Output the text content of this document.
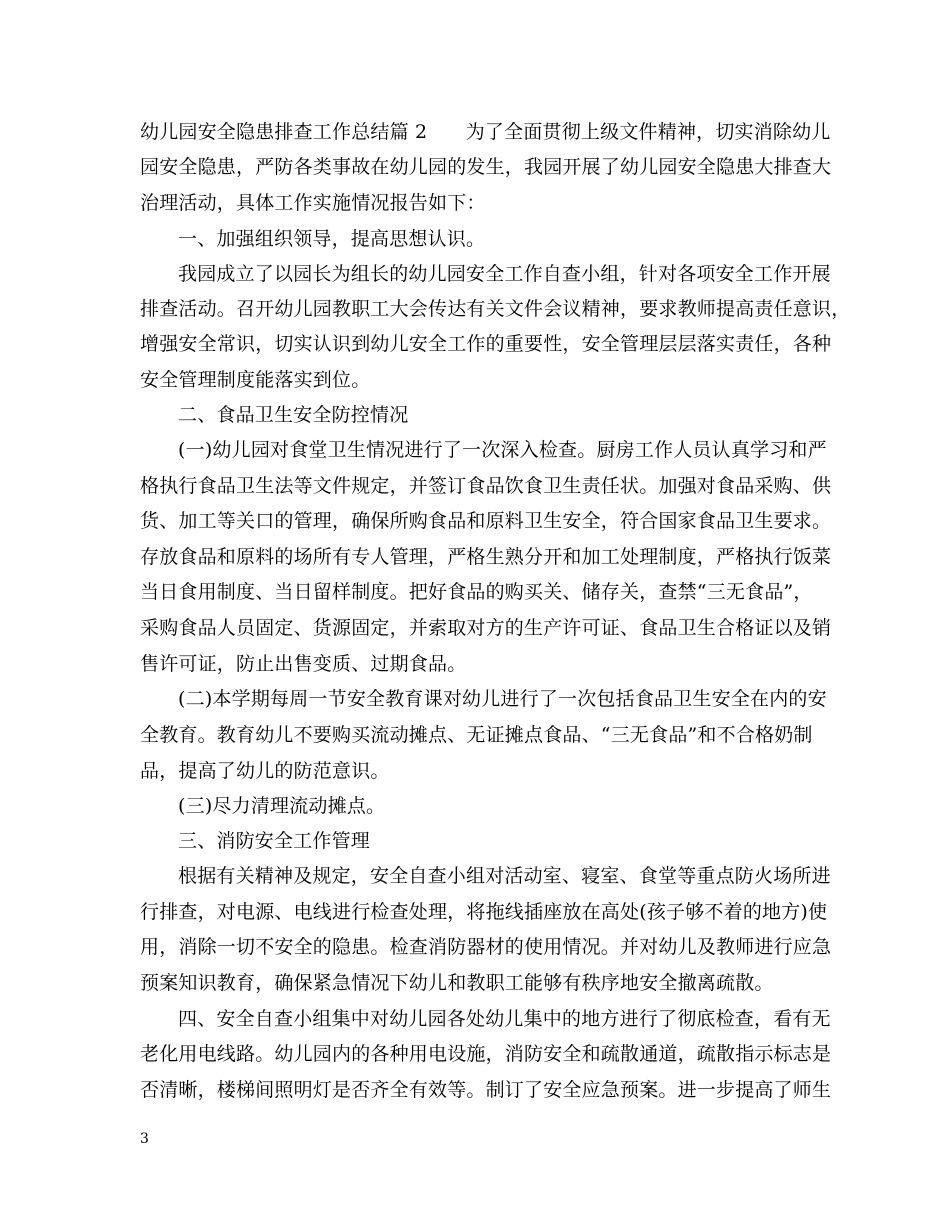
幼儿园安全隐患排查工作总结篇 2　　为了全面贯彻上级文件精神，切实消除幼儿
园安全隐患，严防各类事故在幼儿园的发生，我园开展了幼儿园安全隐患大排查大
治理活动，具体工作实施情况报告如下：
一、加强组织领导，提高思想认识。
我园成立了以园长为组长的幼儿园安全工作自查小组，针对各项安全工作开展
排查活动。召开幼儿园教职工大会传达有关文件会议精神，要求教师提高责任意识，
增强安全常识，切实认识到幼儿安全工作的重要性，安全管理层层落实责任，各种
安全管理制度能落实到位。
二、食品卫生安全防控情况
(一)幼儿园对食堂卫生情况进行了一次深入检查。厨房工作人员认真学习和严
格执行食品卫生法等文件规定，并签订食品饮食卫生责任状。加强对食品采购、供
货、加工等关口的管理，确保所购食品和原料卫生安全，符合国家食品卫生要求。
存放食品和原料的场所有专人管理，严格生熟分开和加工处理制度，严格执行饭菜
当日食用制度、当日留样制度。把好食品的购买关、储存关，查禁“三无食品”，
采购食品人员固定、货源固定，并索取对方的生产许可证、食品卫生合格证以及销
售许可证，防止出售变质、过期食品。
(二)本学期每周一节安全教育课对幼儿进行了一次包括食品卫生安全在内的安
全教育。教育幼儿不要购买流动摊点、无证摊点食品、“三无食品”和不合格奶制
品，提高了幼儿的防范意识。
(三)尽力清理流动摊点。
三、消防安全工作管理
根据有关精神及规定，安全自查小组对活动室、寝室、食堂等重点防火场所进
行排查，对电源、电线进行检查处理，将拖线插座放在高处(孩子够不着的地方)使
用，消除一切不安全的隐患。检查消防器材的使用情况。并对幼儿及教师进行应急
预案知识教育，确保紧急情况下幼儿和教职工能够有秩序地安全撤离疏散。
四、安全自查小组集中对幼儿园各处幼儿集中的地方进行了彻底检查，看有无
老化用电线路。幼儿园内的各种用电设施，消防安全和疏散通道，疏散指示标志是
否清晰，楼梯间照明灯是否齐全有效等。制订了安全应急预案。进一步提高了师生
3
